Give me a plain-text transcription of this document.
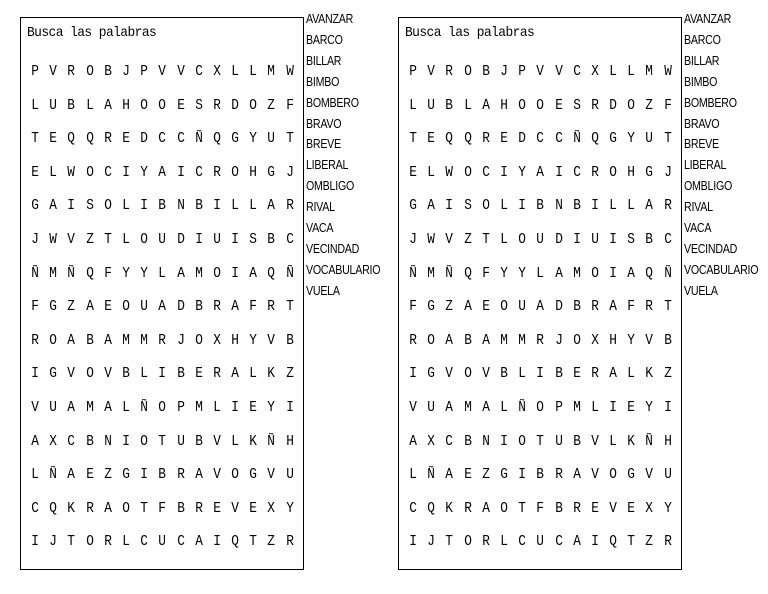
Busca las palabras
P V R O B J P V V C X L L M W
L U B L A H O O E S R D O Z F
T E Q Q R E D C C Ñ Q G Y U T
E L W O C I Y A I C R O H G J
G A I S O L I B N B I L L A R
J W V Z T L O U D I U I S B C
Ñ M Ñ Q F Y Y L A M O I A Q Ñ
F G Z A E O U A D B R A F R T
R O A B A M M R J O X H Y V B
I G V O V B L I B E R A L K Z
V U A M A L Ñ O P M L I E Y I
A X C B N I O T U B V L K Ñ H
L Ñ A E Z G I B R A V O G V U
C Q K R A O T F B R E V E X Y
I J T O R L C U C A I Q T Z R
AVANZAR
BARCO
BILLAR
BIMBO
BOMBERO
BRAVO
BREVE
LIBERAL
OMBLIGO
RIVAL
VACA
VECINDAD
VOCABULARIO
VUELA
Busca las palabras
P V R O B J P V V C X L L M W
L U B L A H O O E S R D O Z F
T E Q Q R E D C C Ñ Q G Y U T
E L W O C I Y A I C R O H G J
G A I S O L I B N B I L L A R
J W V Z T L O U D I U I S B C
Ñ M Ñ Q F Y Y L A M O I A Q Ñ
F G Z A E O U A D B R A F R T
R O A B A M M R J O X H Y V B
I G V O V B L I B E R A L K Z
V U A M A L Ñ O P M L I E Y I
A X C B N I O T U B V L K Ñ H
L Ñ A E Z G I B R A V O G V U
C Q K R A O T F B R E V E X Y
I J T O R L C U C A I Q T Z R
AVANZAR
BARCO
BILLAR
BIMBO
BOMBERO
BRAVO
BREVE
LIBERAL
OMBLIGO
RIVAL
VACA
VECINDAD
VOCABULARIO
VUELA
